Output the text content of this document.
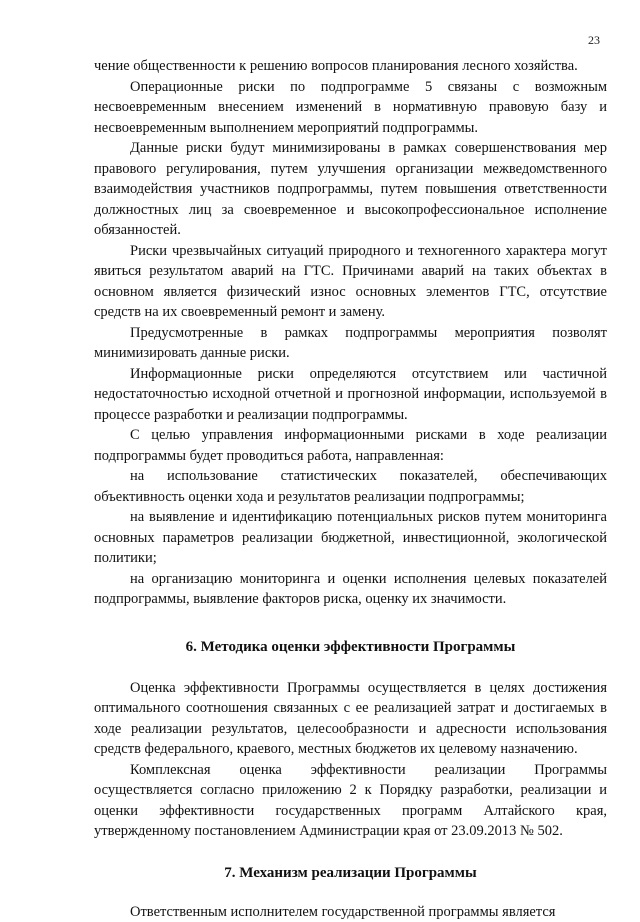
23

чение общественности к решению вопросов планирования лесного хозяйства.

Операционные риски по подпрограмме 5 связаны с возможным несвоевременным внесением изменений в нормативную правовую базу и несвоевременным выполнением мероприятий подпрограммы.

Данные риски будут минимизированы в рамках совершенствования мер правового регулирования, путем улучшения организации межведомственного взаимодействия участников подпрограммы, путем повышения ответственности должностных лиц за своевременное и высокопрофессиональное исполнение обязанностей.

Риски чрезвычайных ситуаций природного и техногенного характера могут явиться результатом аварий на ГТС. Причинами аварий на таких объектах в основном является физический износ основных элементов ГТС, отсутствие средств на их своевременный ремонт и замену.

Предусмотренные в рамках подпрограммы мероприятия позволят минимизировать данные риски.

Информационные риски определяются отсутствием или частичной недостаточностью исходной отчетной и прогнозной информации, используемой в процессе разработки и реализации подпрограммы.

С целью управления информационными рисками в ходе реализации подпрограммы будет проводиться работа, направленная:

на использование статистических показателей, обеспечивающих объективность оценки хода и результатов реализации подпрограммы;

на выявление и идентификацию потенциальных рисков путем мониторинга основных параметров реализации бюджетной, инвестиционной, экологической политики;

на организацию мониторинга и оценки исполнения целевых показателей подпрограммы, выявление факторов риска, оценку их значимости.

6. Методика оценки эффективности Программы

Оценка эффективности Программы осуществляется в целях достижения оптимального соотношения связанных с ее реализацией затрат и достигаемых в ходе реализации результатов, целесообразности и адресности использования средств федерального, краевого, местных бюджетов их целевому назначению.

Комплексная оценка эффективности реализации Программы осуществляется согласно приложению 2 к Порядку разработки, реализации и оценки эффективности государственных программ Алтайского края, утвержденному постановлением Администрации края от 23.09.2013 № 502.

7. Механизм реализации Программы

Ответственным исполнителем государственной программы является
